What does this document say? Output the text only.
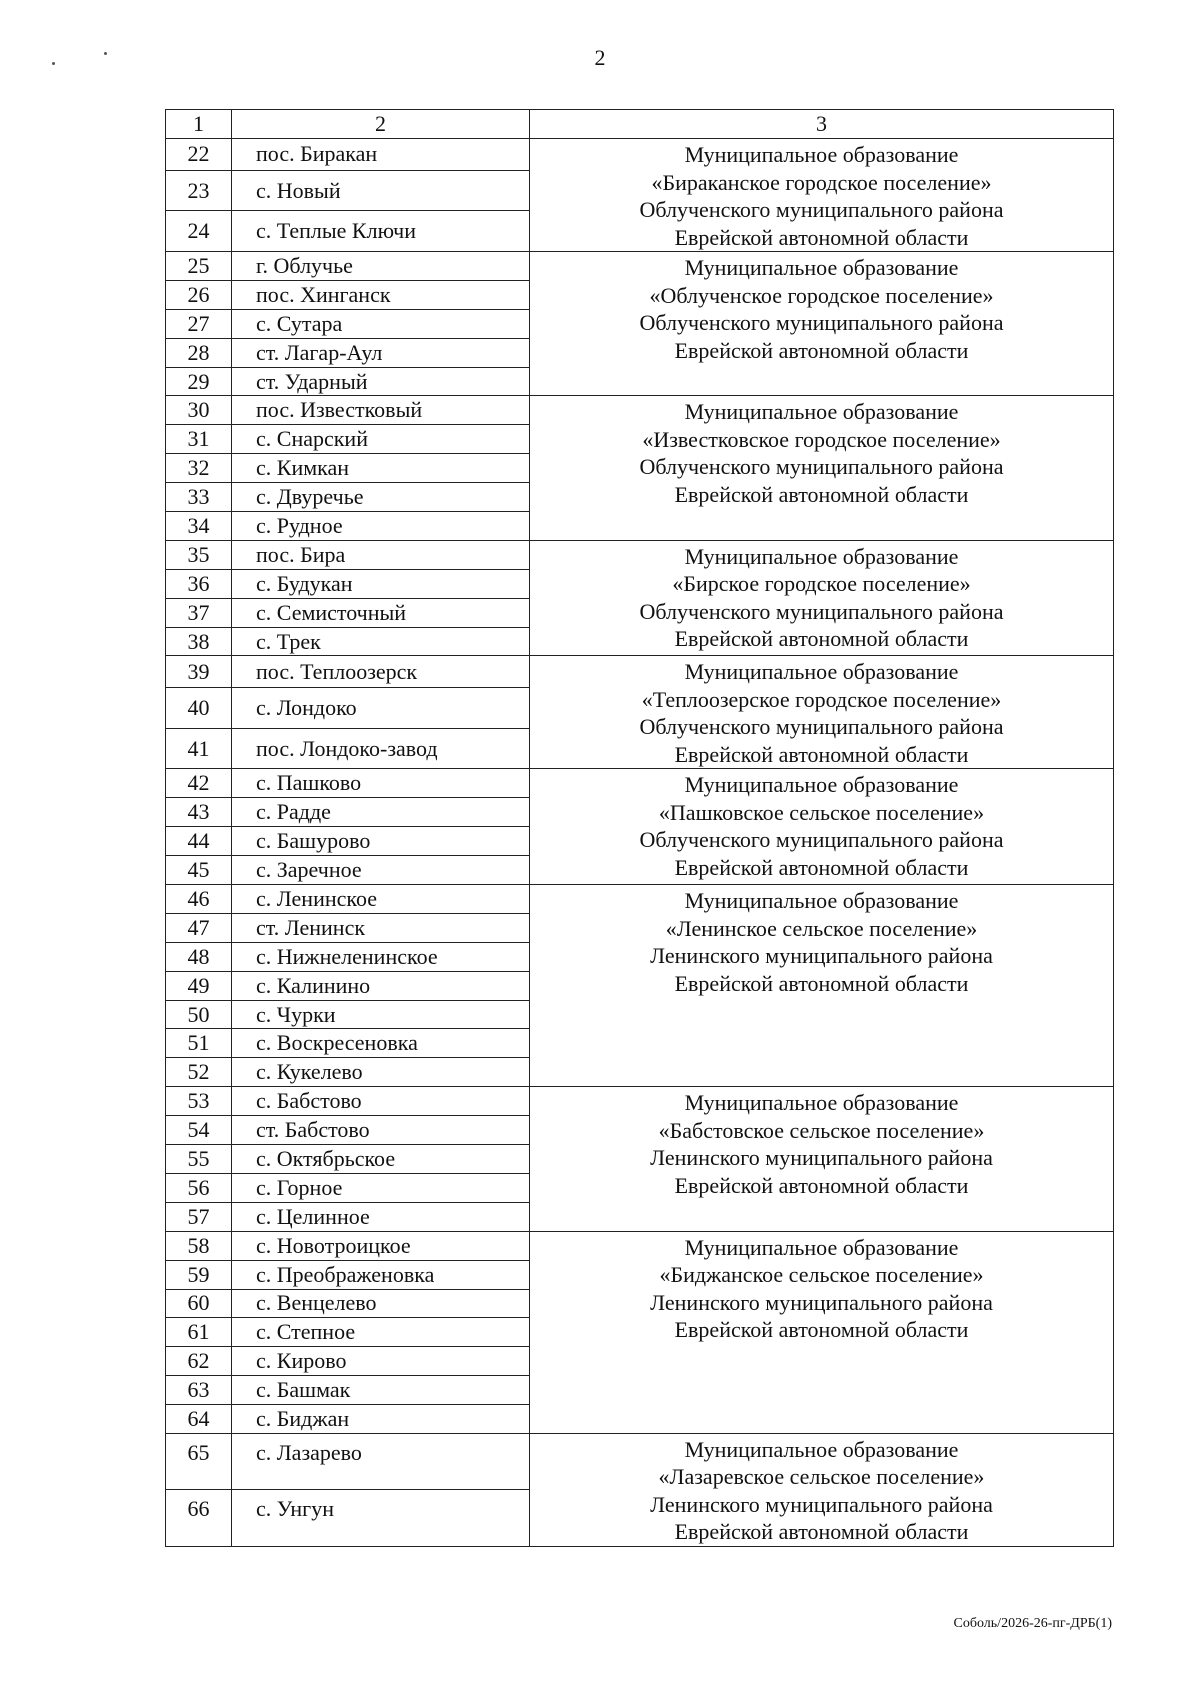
2
1	2	3
22	пос. Биракан	Муниципальное образование
«Бираканское городское поселение»
Облученского муниципального района
Еврейской автономной области

23	с. Новый	
24	с. Теплые Ключи	
25	г. Облучье	Муниципальное образование
«Облученское городское поселение»
Облученского муниципального района
Еврейской автономной области

26	пос. Хинганск	
27	с. Сутара	
28	ст. Лагар-Аул	
29	ст. Ударный	
30	пос. Известковый	Муниципальное образование
«Известковское городское поселение»
Облученского муниципального района
Еврейской автономной области

31	с. Снарский	
32	с. Кимкан	
33	с. Двуречье	
34	с. Рудное	
35	пос. Бира	Муниципальное образование
«Бирское городское поселение»
Облученского муниципального района
Еврейской автономной области

36	с. Будукан	
37	с. Семисточный	
38	с. Трек	
39	пос. Теплоозерск	Муниципальное образование
«Теплоозерское городское поселение»
Облученского муниципального района
Еврейской автономной области

40	с. Лондоко	
41	пос. Лондоко-завод	
42	с. Пашково	Муниципальное образование
«Пашковское сельское поселение»
Облученского муниципального района
Еврейской автономной области

43	с. Радде	
44	с. Башурово	
45	с. Заречное	
46	с. Ленинское	Муниципальное образование
«Ленинское сельское поселение»
Ленинского муниципального района
Еврейской автономной области

47	ст. Ленинск	
48	с. Нижнеленинское	
49	с. Калинино	
50	с. Чурки	
51	с. Воскресеновка	
52	с. Кукелево	
53	с. Бабстово	Муниципальное образование
«Бабстовское сельское поселение»
Ленинского муниципального района
Еврейской автономной области

54	ст. Бабстово	
55	с. Октябрьское	
56	с. Горное	
57	с. Целинное	
58	с. Новотроицкое	Муниципальное образование
«Биджанское сельское поселение»
Ленинского муниципального района
Еврейской автономной области

59	с. Преображеновка	
60	с. Венцелево	
61	с. Степное	
62	с. Кирово	
63	с. Башмак	
64	с. Биджан	
65	с. Лазарево	Муниципальное образование
«Лазаревское сельское поселение»
Ленинского муниципального района
Еврейской автономной области

66	с. Унгун	
Соболь/2026-26-пг-ДРБ(1)
